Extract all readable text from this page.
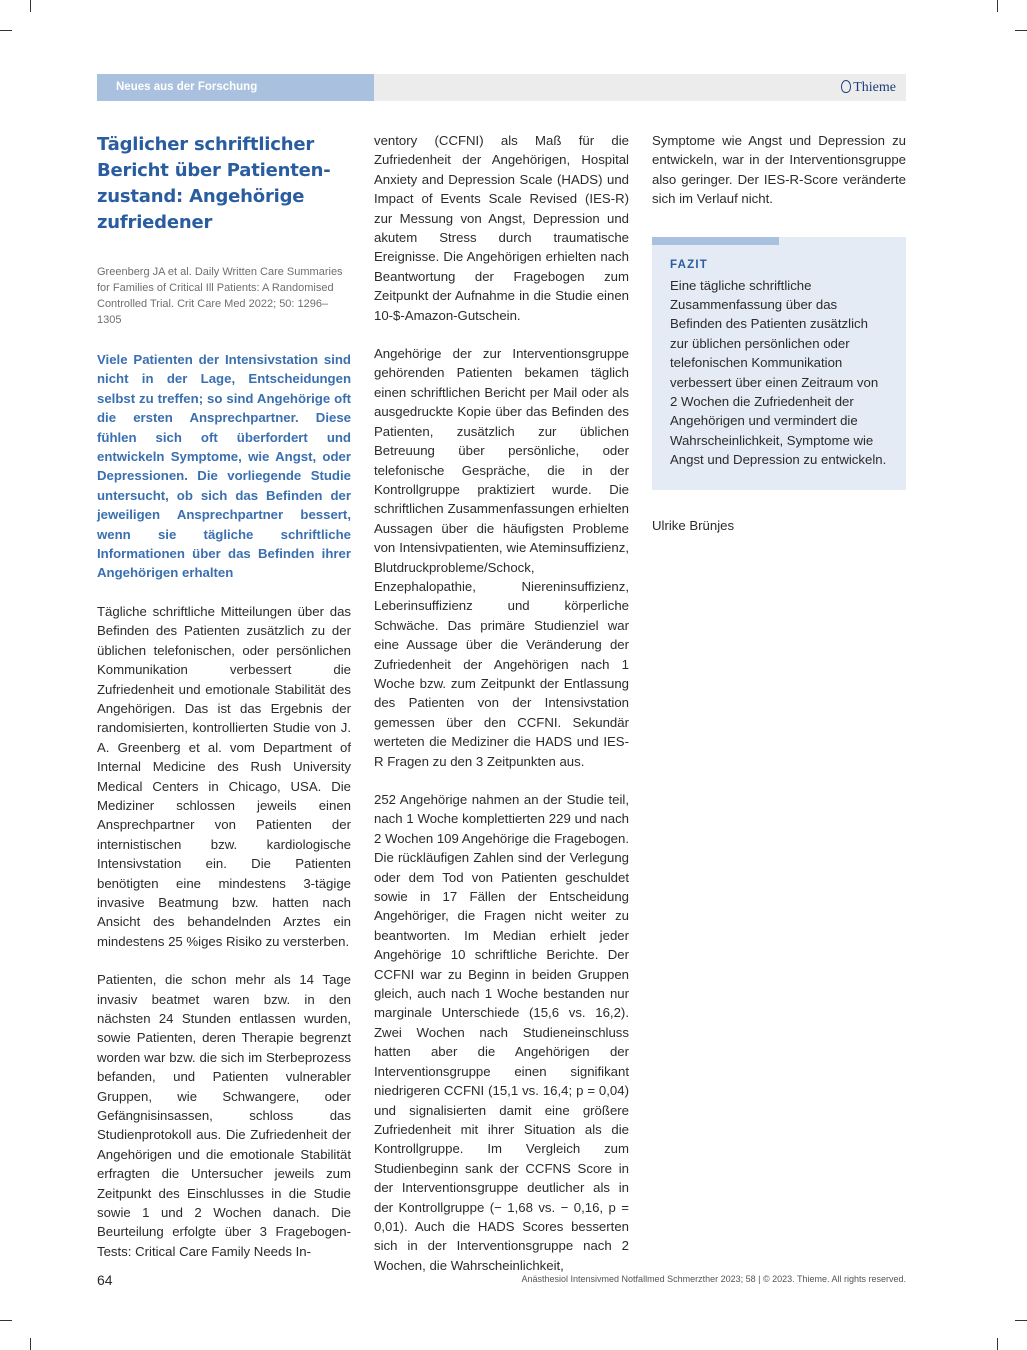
Neues aus der Forschung	Thieme
Täglicher schriftlicher Bericht über Patienten-zustand: Angehörige zufriedener
Greenberg JA et al. Daily Written Care Summaries for Families of Critical Ill Patients: A Randomised Controlled Trial. Crit Care Med 2022; 50: 1296–1305
Viele Patienten der Intensivstation sind nicht in der Lage, Entscheidungen selbst zu treffen; so sind Angehörige oft die ersten Ansprechpartner. Diese fühlen sich oft überfordert und entwickeln Symptome, wie Angst, oder Depressionen. Die vorliegende Studie untersucht, ob sich das Befinden der jeweiligen Ansprechpartner bessert, wenn sie tägliche schriftliche Informationen über das Befinden ihrer Angehörigen erhalten

Tägliche schriftliche Mitteilungen über das Befinden des Patienten zusätzlich zu der üblichen telefonischen, oder persönlichen Kommunikation verbessert die Zufriedenheit und emotionale Stabilität des Angehörigen. Das ist das Ergebnis der randomisierten, kontrollierten Studie von J. A. Greenberg et al. vom Department of Internal Medicine des Rush University Medical Centers in Chicago, USA. Die Mediziner schlossen jeweils einen Ansprechpartner von Patienten der internistischen bzw. kardiologische Intensivstation ein. Die Patienten benötigten eine mindestens 3-tägige invasive Beatmung bzw. hatten nach Ansicht des behandelnden Arztes ein mindestens 25 %iges Risiko zu versterben.

Patienten, die schon mehr als 14 Tage invasiv beatmet waren bzw. in den nächsten 24 Stunden entlassen wurden, sowie Patienten, deren Therapie begrenzt worden war bzw. die sich im Sterbeprozess befanden, und Patienten vulnerabler Gruppen, wie Schwangere, oder Gefängnisinsassen, schloss das Studienprotokoll aus. Die Zufriedenheit der Angehörigen und die emotionale Stabilität erfragten die Untersucher jeweils zum Zeitpunkt des Einschlusses in die Studie sowie 1 und 2 Wochen danach. Die Beurteilung erfolgte über 3 Fragebogen-Tests: Critical Care Family Needs In-

ventory (CCFNI) als Maß für die Zufriedenheit der Angehörigen, Hospital Anxiety and Depression Scale (HADS) und Impact of Events Scale Revised (IES-R) zur Messung von Angst, Depression und akutem Stress durch traumatische Ereignisse. Die Angehörigen erhielten nach Beantwortung der Fragebogen zum Zeitpunkt der Aufnahme in die Studie einen 10-$-Amazon-Gutschein.

Angehörige der zur Interventionsgruppe gehörenden Patienten bekamen täglich einen schriftlichen Bericht per Mail oder als ausgedruckte Kopie über das Befinden des Patienten, zusätzlich zur üblichen Betreuung über persönliche, oder telefonische Gespräche, die in der Kontrollgruppe praktiziert wurde. Die schriftlichen Zusammenfassungen erhielten Aussagen über die häufigsten Probleme von Intensivpatienten, wie Ateminsuffizienz, Blutdruckprobleme/Schock, Enzephalopathie, Niereninsuffizienz, Leberinsuffizienz und körperliche Schwäche. Das primäre Studienziel war eine Aussage über die Veränderung der Zufriedenheit der Angehörigen nach 1 Woche bzw. zum Zeitpunkt der Entlassung des Patienten von der Intensivstation gemessen über den CCFNI. Sekundär werteten die Mediziner die HADS und IES-R Fragen zu den 3 Zeitpunkten aus.

252 Angehörige nahmen an der Studie teil, nach 1 Woche komplettierten 229 und nach 2 Wochen 109 Angehörige die Fragebogen. Die rückläufigen Zahlen sind der Verlegung oder dem Tod von Patienten geschuldet sowie in 17 Fällen der Entscheidung Angehöriger, die Fragen nicht weiter zu beantworten. Im Median erhielt jeder Angehörige 10 schriftliche Berichte. Der CCFNI war zu Beginn in beiden Gruppen gleich, auch nach 1 Woche bestanden nur marginale Unterschiede (15,6 vs. 16,2). Zwei Wochen nach Studieneinschluss hatten aber die Angehörigen der Interventionsgruppe einen signifikant niedrigeren CCFNI (15,1 vs. 16,4; p = 0,04) und signalisierten damit eine größere Zufriedenheit mit ihrer Situation als die Kontrollgruppe. Im Vergleich zum Studienbeginn sank der CCFNS Score in der Interventionsgruppe deutlicher als in der Kontrollgruppe (− 1,68 vs. − 0,16, p = 0,01). Auch die HADS Scores besserten sich in der Interventionsgruppe nach 2 Wochen, die Wahrscheinlichkeit,

Symptome wie Angst und Depression zu entwickeln, war in der Interventionsgruppe also geringer. Der IES-R-Score veränderte sich im Verlauf nicht.

FAZIT
Eine tägliche schriftliche Zusammenfassung über das Befinden des Patienten zusätzlich zur üblichen persönlichen oder telefonischen Kommunikation verbessert über einen Zeitraum von 2 Wochen die Zufriedenheit der Angehörigen und vermindert die Wahrscheinlichkeit, Symptome wie Angst und Depression zu entwickeln.
Ulrike Brünjes
64	Anästhesiol Intensivmed Notfallmed Schmerzther 2023; 58 | © 2023. Thieme. All rights reserved.
